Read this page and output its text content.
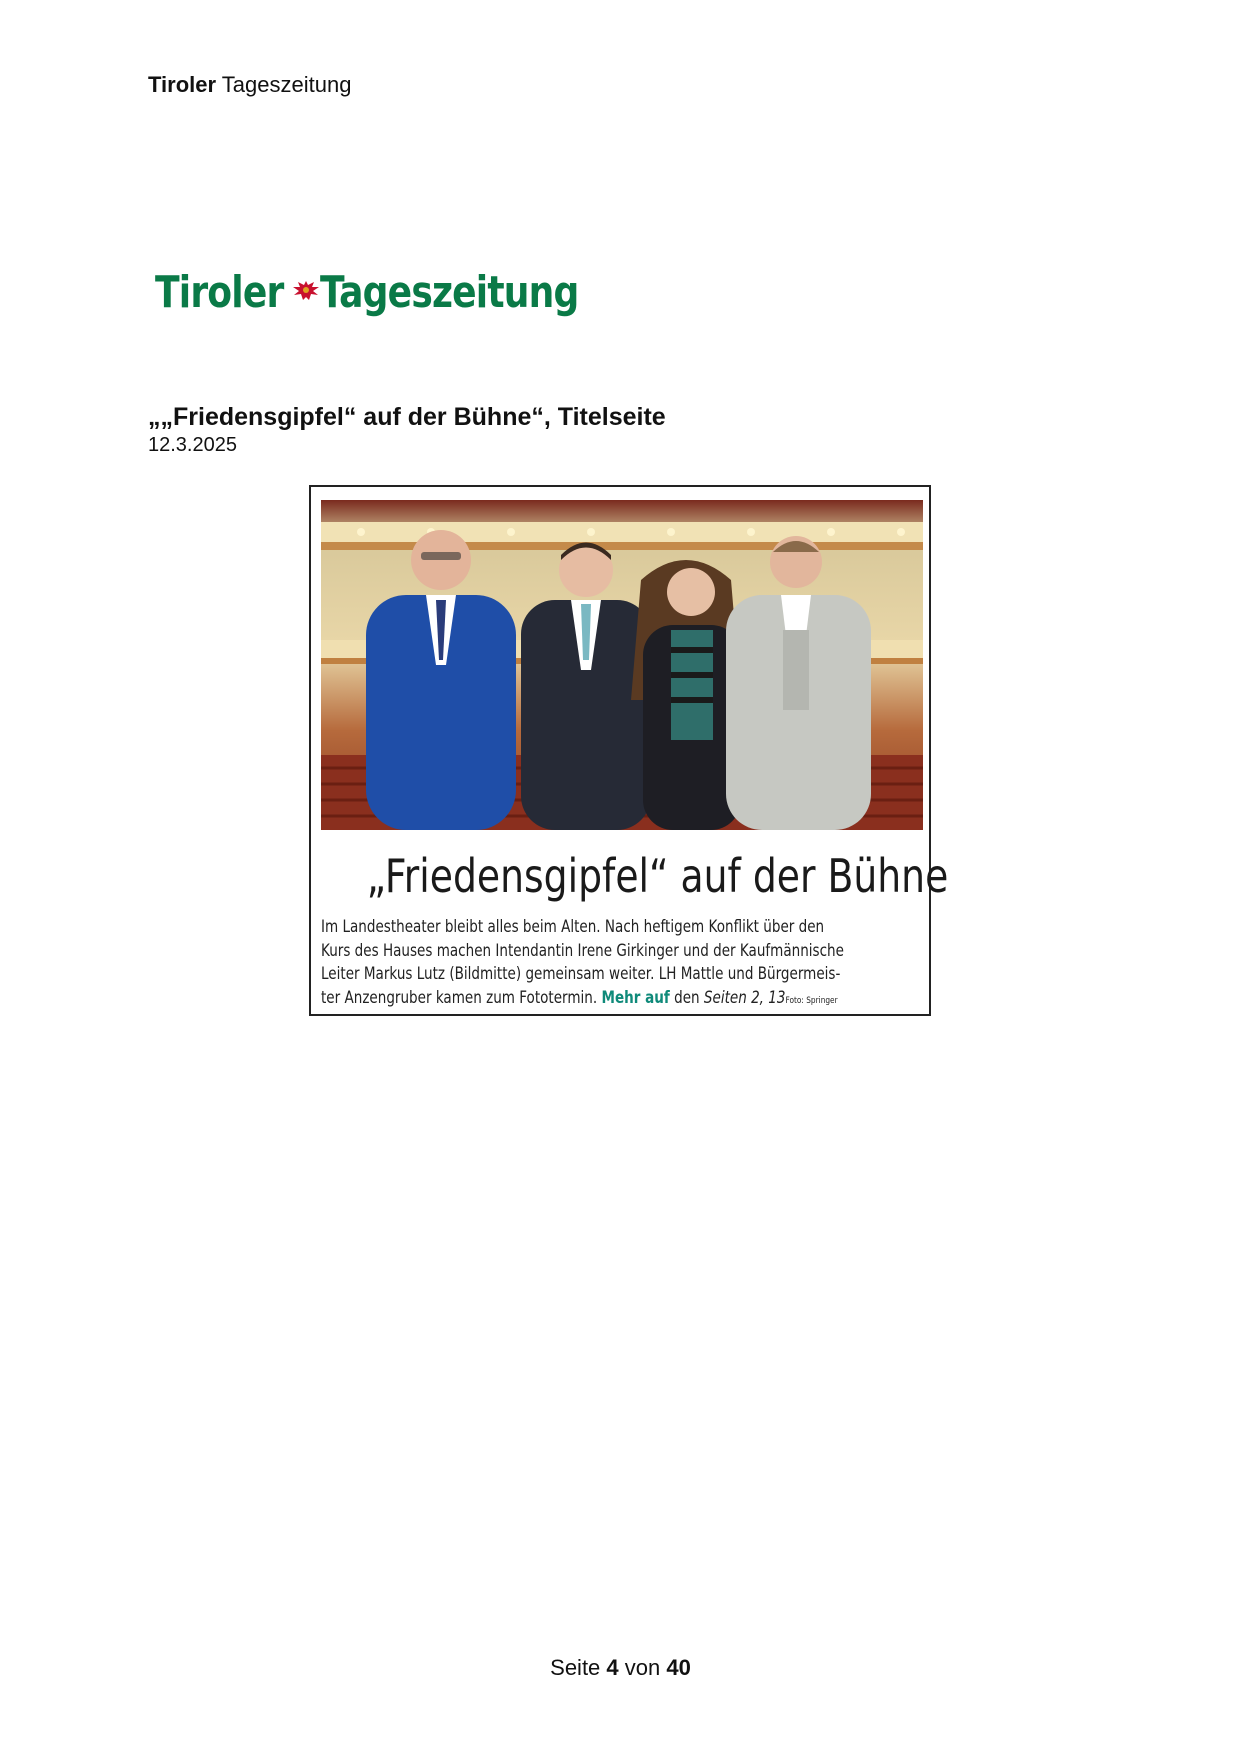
Tiroler Tageszeitung
Tiroler Tageszeitung
„„Friedensgipfel“ auf der Bühne“, Titelseite
12.3.2025
„Friedensgipfel“ auf der Bühne
Im Landestheater bleibt alles beim Alten. Nach heftigem Konflikt über den
Kurs des Hauses machen Intendantin Irene Girkinger und der Kaufmännische
Leiter Markus Lutz (Bildmitte) gemeinsam weiter. LH Mattle und Bürgermeis-
ter Anzengruber kamen zum Fototermin. Mehr auf den Seiten 2, 13Foto: Springer
Seite 4 von 40
